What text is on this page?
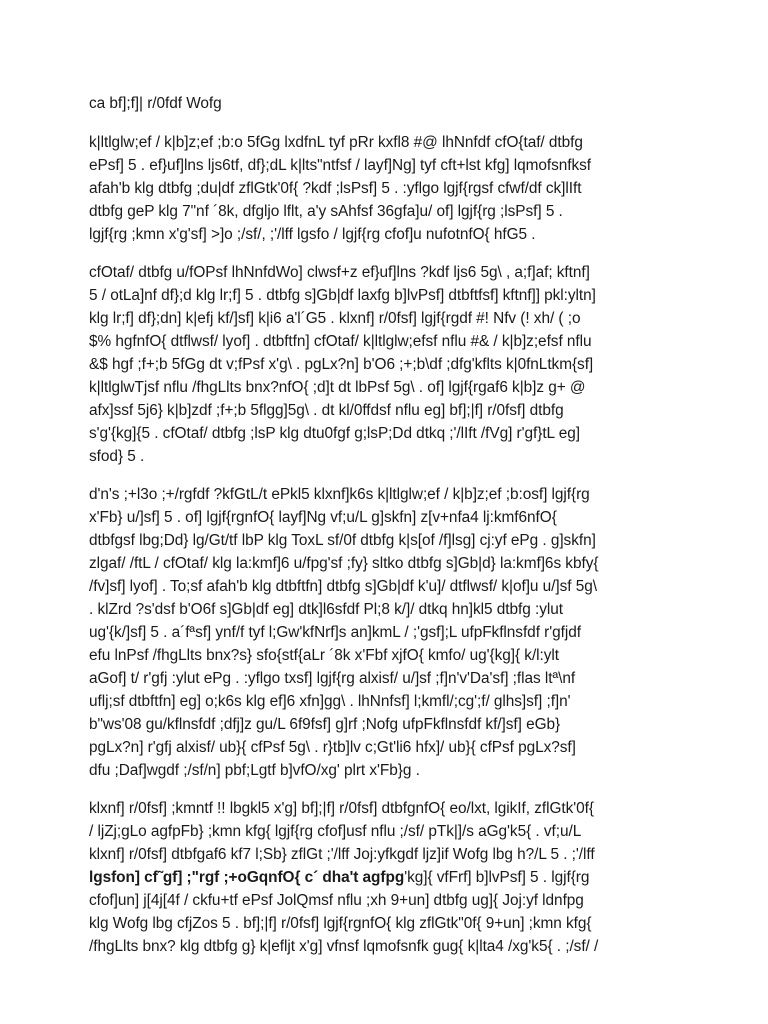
ca bf];f]| r/0fdf Wofg
k|ltlglw;ef / k|b]z;ef ;b:o 5fGg lxdfnL tyf pRr kxfl8 #@ lhNnfdf cfO{taf/ dtbfg
ePsf] 5 . ef}uf]lns ljs6tf, df};dL k|lts"ntfsf / layf]Ng] tyf cft+lst kfg] lqmofsnfksf
afah'b klg dtbfg ;du|df zflGtk'0f{ ?kdf ;lsPsf] 5 . :yflgo lgjf{rgsf cfwf/df ck]lIft
dtbfg geP klg 7"nf ´8k, dfgljo lflt, a'y sAhfsf 36gfa]u/ of] lgjf{rg ;lsPsf] 5 .
lgjf{rg ;kmn x'g'sf] >]o ;/sf/, ;'/lff lgsfo / lgjf{rg cfof]u nufotnfO{ hfG5 .
cfOtaf/ dtbfg u/fOPsf lhNnfdWo] clwsf+z ef}uf]lns ?kdf ljs6 5g\ , a;f]af; kftnf]
5 / otLa]nf df};d klg lr;f] 5 . dtbfg s]Gb|df laxfg b]lvPsf] dtbftfsf] kftnf]] pkl:yltn]
klg lr;f] df};dn] k|efj kf/]sf] k|i6 a'l´G5 . klxnf] r/0fsf] lgjf{rgdf #! Nfv (! xh/ ( ;o
$% hgfnfO{ dtflwsf/ lyof] . dtbftfn] cfOtaf/ k|ltlglw;efsf nflu #& / k|b]z;efsf nflu
&$ hgf ;f+;b 5fGg dt v;fPsf x'g\ . pgLx?n] b'O6 ;+;b\df ;dfg'kflts k|0fnLtkm{sf]
k|ltlglwTjsf nflu /fhgLlts bnx?nfO{ ;d]t dt lbPsf 5g\ . of] lgjf{rgaf6 k|b]z g+ @
afx]ssf 5j6} k|b]zdf ;f+;b 5flgg]5g\ . dt kl/0ffdsf nflu eg] bf];|f] r/0fsf] dtbfg
s'g'{kg]{5 . cfOtaf/ dtbfg ;lsP klg dtu0fgf g;lsP;Dd dtkq ;'/lIft /fVg] r'gf}tL eg]
sfod} 5 .
d'n's ;+l3o ;+/rgfdf ?kfGtL/t ePkl5 klxnf]k6s k|ltlglw;ef / k|b]z;ef ;b:osf] lgjf{rg
x'Fb} u/]sf] 5 . of] lgjf{rgnfO{ layf]Ng vf;u/L g]skfn] z[v+nfa4 lj:kmf6nfO{
dtbfgsf lbg;Dd} lg/Gt/tf lbP klg ToxL sf/0f dtbfg k|s[of /f]lsg] cj:yf ePg . g]skfn]
zlgaf/ /ftL / cfOtaf/ klg la:kmf]6 u/fpg'sf ;fy} sltko dtbfg s]Gb|d} la:kmf]6s kbfy{
/fv]sf] lyof] . To;sf afah'b klg dtbftfn] dtbfg s]Gb|df k'u]/ dtflwsf/ k|of]u u/]sf 5g\
. klZrd ?s'dsf b'O6f s]Gb|df eg] dtk]l6sfdf Pl;8 k/]/ dtkq hn]kl5 dtbfg :ylut
ug'{k/]sf] 5 . a´fªsf] ynf/f tyf l;Gw'kfNrf]s an]kmL / ;'gsf];L ufpFkflnsfdf r'gfjdf
efu lnPsf /fhgLlts bnx?s} sfo{stf{aLr ´8k x'Fbf xjfO{ kmfo/ ug'{kg]{ k/l:ylt
aGof] t/ r'gfj :ylut ePg . :yflgo txsf] lgjf{rg alxisf/ u/]sf ;f]n'v'Da'sf] ;flas ltª\nf
uflj;sf dtbftfn] eg] o;k6s klg ef]6 xfn]gg\ . lhNnfsf] l;kmfl/;cg';f/ glhs]sf] ;f]n'
b"ws'08 gu/kflnsfdf ;dfj]z gu/L 6f9fsf] g]rf ;Nofg ufpFkflnsfdf kf/]sf] eGb}
pgLx?n] r'gfj alxisf/ ub}{ cfPsf 5g\ . r}tb]lv c;Gt'li6 hfx]/ ub}{ cfPsf pgLx?sf]
dfu ;Daf]wgdf ;/sf/n] pbf;Lgtf b]vfO/xg' plrt x'Fb}g .
klxnf] r/0fsf] ;kmntf !! lbgkl5 x'g] bf];|f] r/0fsf] dtbfgnfO{ eo/lxt, lgikIf, zflGtk'0f{
/ ljZj;gLo agfpFb} ;kmn kfg{ lgjf{rg cfof]usf nflu ;/sf/ pTk|]/s aGg'k5{ . vf;u/L
klxnf] r/0fsf] dtbfgaf6 kf7 l;Sb} zflGt ;'/lff Joj:yfkgdf ljz]if Wofg lbg h?/L 5 . ;'/lff
lgsfon] cf˜gf] ;"rgf ;+oGqnfO{ c´ dha't agfpg'kg]{ vfFrf] b]lvPsf] 5 . lgjf{rg
cfof]un] j[4j[4f / ckfu+tf ePsf JolQmsf nflu ;xh 9+un] dtbfg ug]{ Joj:yf ldnfpg
klg Wofg lbg cfjZos 5 . bf];|f] r/0fsf] lgjf{rgnfO{ klg zflGtk"0f{ 9+un] ;kmn kfg{
/fhgLlts bnx? klg dtbfg g} k|efljt x'g] vfnsf lqmofsnfk gug{ k|lta4 /xg'k5{ . ;/sf/ /
